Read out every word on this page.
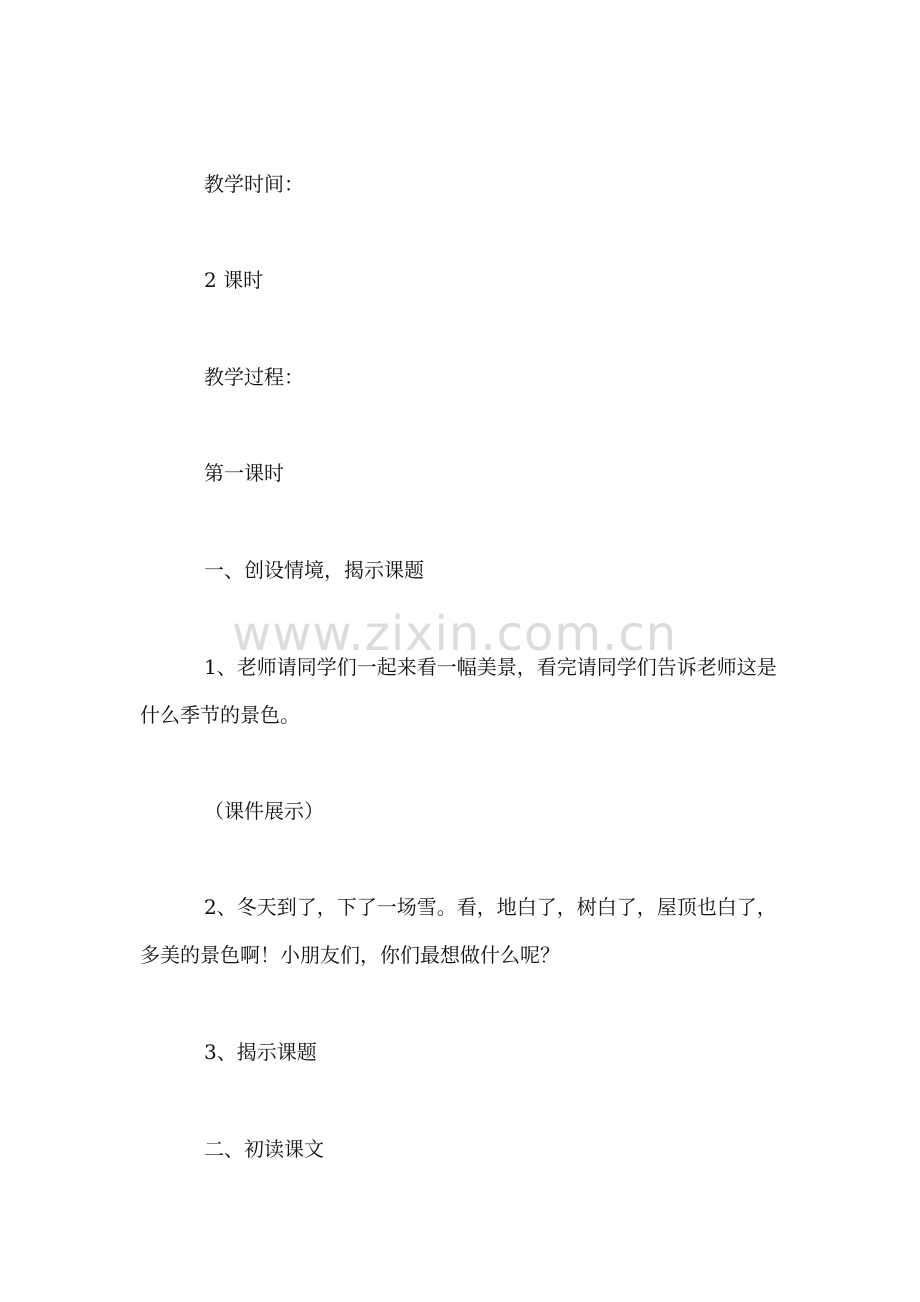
www.zixin.com.cn

教学时间：

2 课时

教学过程：

第一课时

一、创设情境，揭示课题

1、老师请同学们一起来看一幅美景，看完请同学们告诉老师这是什么季节的景色。

（课件展示）

2、冬天到了，下了一场雪。看，地白了，树白了，屋顶也白了，多美的景色啊！小朋友们，你们最想做什么呢？

3、揭示课题

二、初读课文
